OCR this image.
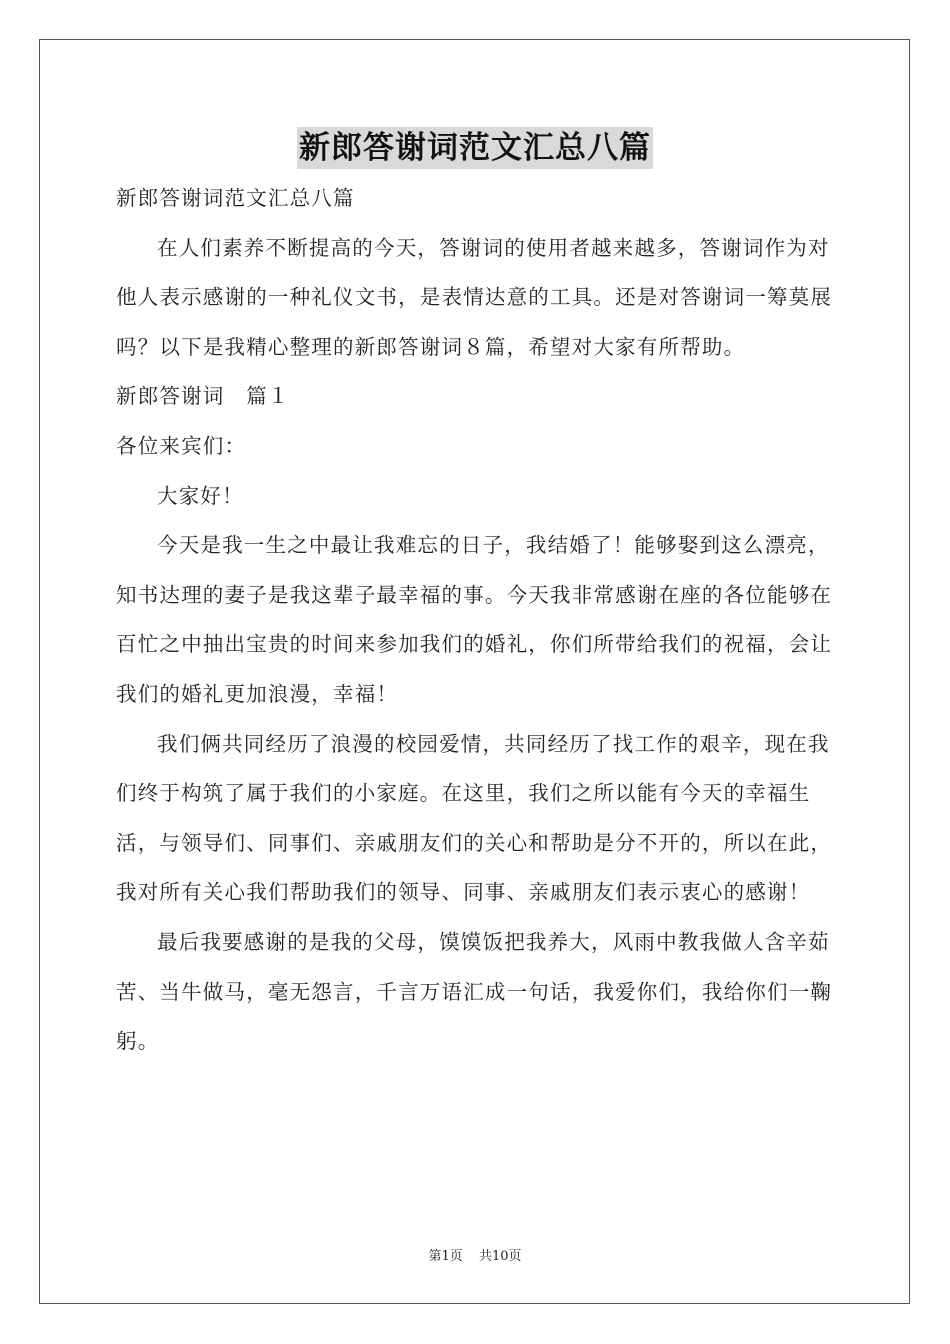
新郎答谢词范文汇总八篇

新郎答谢词范文汇总八篇

在人们素养不断提高的今天，答谢词的使用者越来越多，答谢词作为对他人表示感谢的一种礼仪文书，是表情达意的工具。还是对答谢词一筹莫展吗？以下是我精心整理的新郎答谢词８篇，希望对大家有所帮助。

新郎答谢词　篇１

各位来宾们：

大家好！

今天是我一生之中最让我难忘的日子，我结婚了！能够娶到这么漂亮，知书达理的妻子是我这辈子最幸福的事。今天我非常感谢在座的各位能够在百忙之中抽出宝贵的时间来参加我们的婚礼，你们所带给我们的祝福，会让我们的婚礼更加浪漫，幸福！

我们俩共同经历了浪漫的校园爱情，共同经历了找工作的艰辛，现在我们终于构筑了属于我们的小家庭。在这里，我们之所以能有今天的幸福生活，与领导们、同事们、亲戚朋友们的关心和帮助是分不开的，所以在此，我对所有关心我们帮助我们的领导、同事、亲戚朋友们表示衷心的感谢！

最后我要感谢的是我的父母，馍馍饭把我养大，风雨中教我做人含辛茹苦、当牛做马，毫无怨言，千言万语汇成一句话，我爱你们，我给你们一鞠躬。

第1页 共10页
